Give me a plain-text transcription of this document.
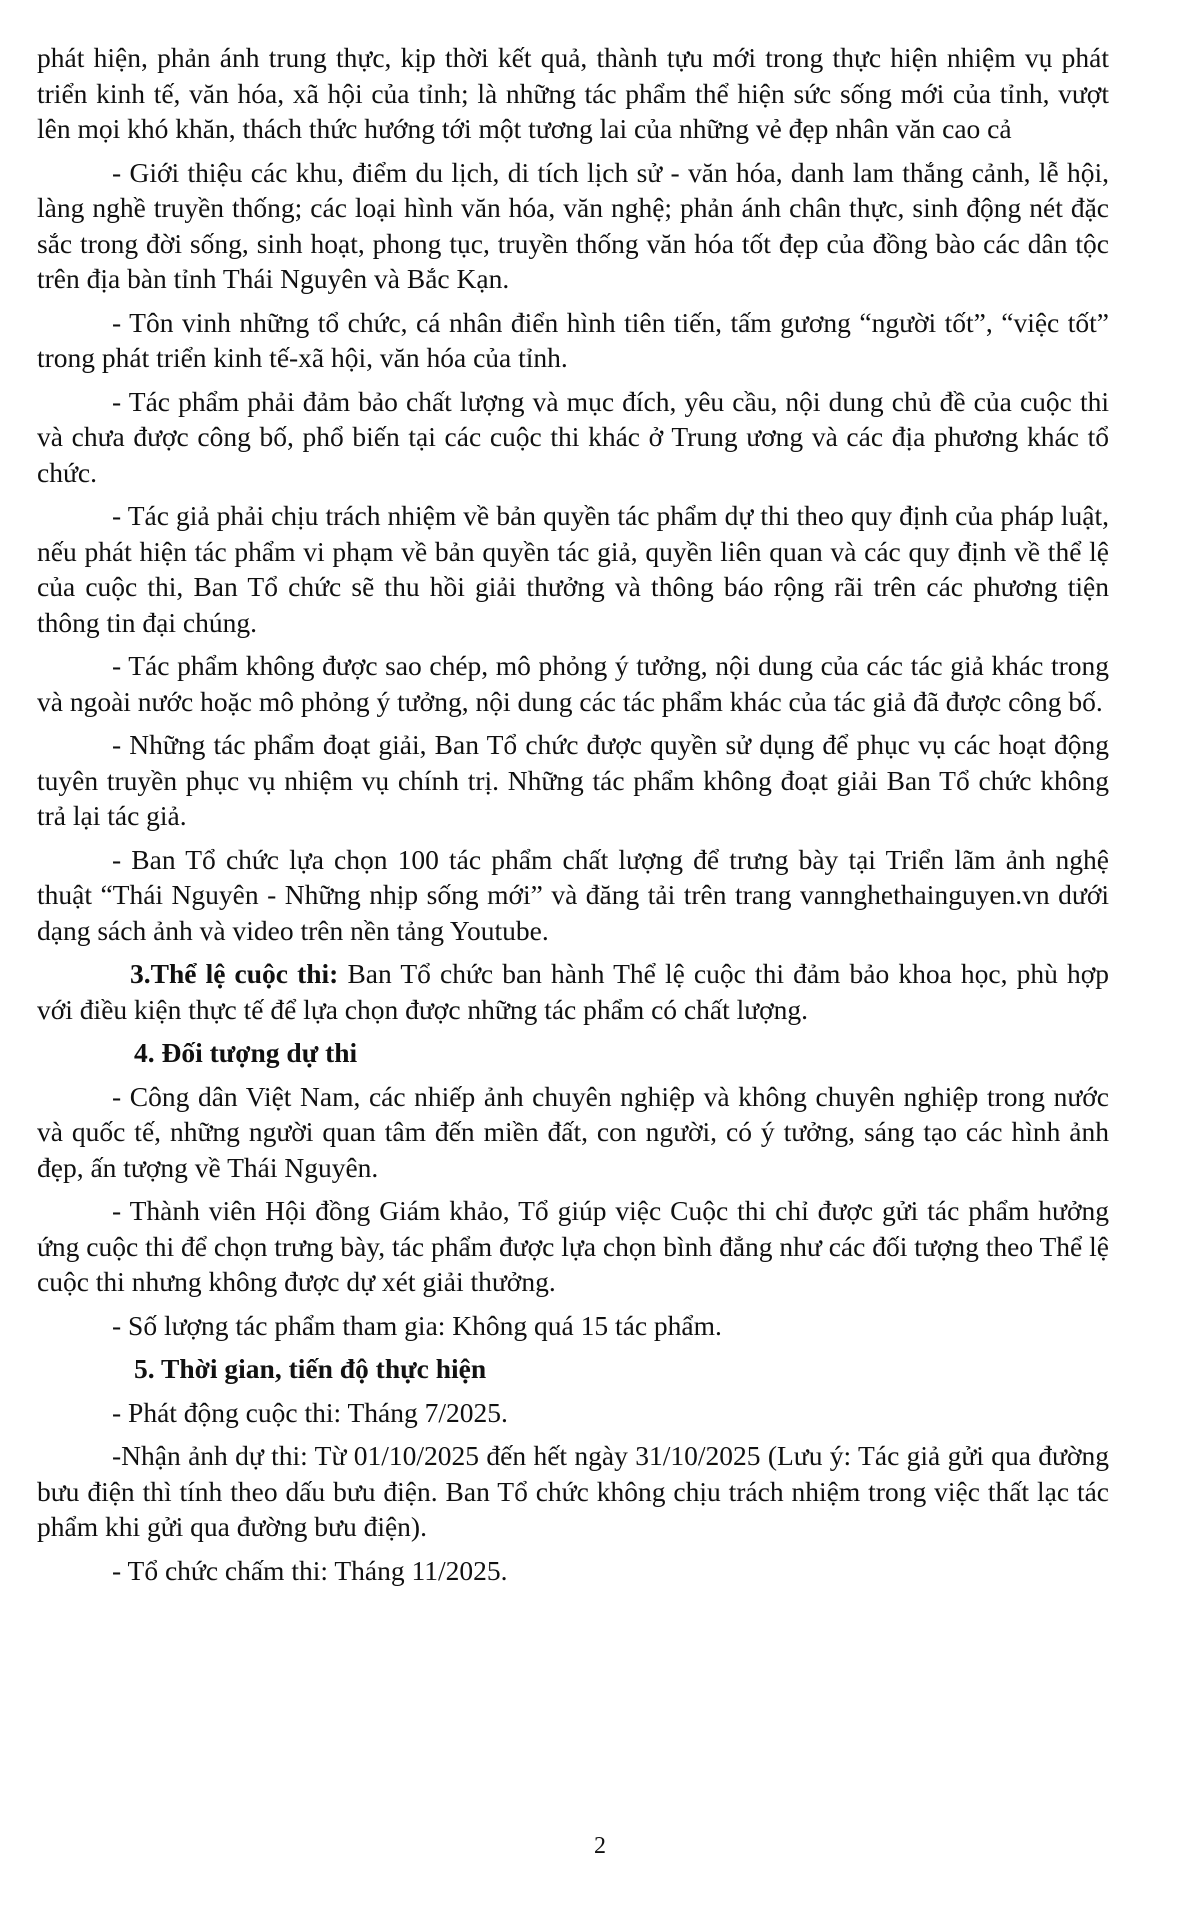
phát hiện, phản ánh trung thực, kịp thời kết quả, thành tựu mới trong thực hiện nhiệm vụ phát triển kinh tế, văn hóa, xã hội của tỉnh; là những tác phẩm thể hiện sức sống mới của tỉnh, vượt lên mọi khó khăn, thách thức hướng tới một tương lai của những vẻ đẹp nhân văn cao cả

- Giới thiệu các khu, điểm du lịch, di tích lịch sử - văn hóa, danh lam thắng cảnh, lễ hội, làng nghề truyền thống; các loại hình văn hóa, văn nghệ; phản ánh chân thực, sinh động nét đặc sắc trong đời sống, sinh hoạt, phong tục, truyền thống văn hóa tốt đẹp của đồng bào các dân tộc trên địa bàn tỉnh Thái Nguyên và Bắc Kạn.

- Tôn vinh những tổ chức, cá nhân điển hình tiên tiến, tấm gương “người tốt”, “việc tốt” trong phát triển kinh tế-xã hội, văn hóa của tỉnh.

- Tác phẩm phải đảm bảo chất lượng và mục đích, yêu cầu, nội dung chủ đề của cuộc thi và chưa được công bố, phổ biến tại các cuộc thi khác ở Trung ương và các địa phương khác tổ chức.

- Tác giả phải chịu trách nhiệm về bản quyền tác phẩm dự thi theo quy định của pháp luật, nếu phát hiện tác phẩm vi phạm về bản quyền tác giả, quyền liên quan và các quy định về thể lệ của cuộc thi, Ban Tổ chức sẽ thu hồi giải thưởng và thông báo rộng rãi trên các phương tiện thông tin đại chúng.

- Tác phẩm không được sao chép, mô phỏng ý tưởng, nội dung của các tác giả khác trong và ngoài nước hoặc mô phỏng ý tưởng, nội dung các tác phẩm khác của tác giả đã được công bố.

- Những tác phẩm đoạt giải, Ban Tổ chức được quyền sử dụng để phục vụ các hoạt động tuyên truyền phục vụ nhiệm vụ chính trị. Những tác phẩm không đoạt giải Ban Tổ chức không trả lại tác giả.

- Ban Tổ chức lựa chọn 100 tác phẩm chất lượng để trưng bày tại Triển lãm ảnh nghệ thuật “Thái Nguyên - Những nhịp sống mới” và đăng tải trên trang vannghethainguyen.vn dưới dạng sách ảnh và video trên nền tảng Youtube.

3.Thể lệ cuộc thi: Ban Tổ chức ban hành Thể lệ cuộc thi đảm bảo khoa học, phù hợp với điều kiện thực tế để lựa chọn được những tác phẩm có chất lượng.

4. Đối tượng dự thi

- Công dân Việt Nam, các nhiếp ảnh chuyên nghiệp và không chuyên nghiệp trong nước và quốc tế, những người quan tâm đến miền đất, con người, có ý tưởng, sáng tạo các hình ảnh đẹp, ấn tượng về Thái Nguyên.

- Thành viên Hội đồng Giám khảo, Tổ giúp việc Cuộc thi chỉ được gửi tác phẩm hưởng ứng cuộc thi để chọn trưng bày, tác phẩm được lựa chọn bình đẳng như các đối tượng theo Thể lệ cuộc thi nhưng không được dự xét giải thưởng.

- Số lượng tác phẩm tham gia: Không quá 15 tác phẩm.

5. Thời gian, tiến độ thực hiện

- Phát động cuộc thi: Tháng 7/2025.

-Nhận ảnh dự thi: Từ 01/10/2025 đến hết ngày 31/10/2025 (Lưu ý: Tác giả gửi qua đường bưu điện thì tính theo dấu bưu điện. Ban Tổ chức không chịu trách nhiệm trong việc thất lạc tác phẩm khi gửi qua đường bưu điện).

- Tổ chức chấm thi: Tháng 11/2025.

2
